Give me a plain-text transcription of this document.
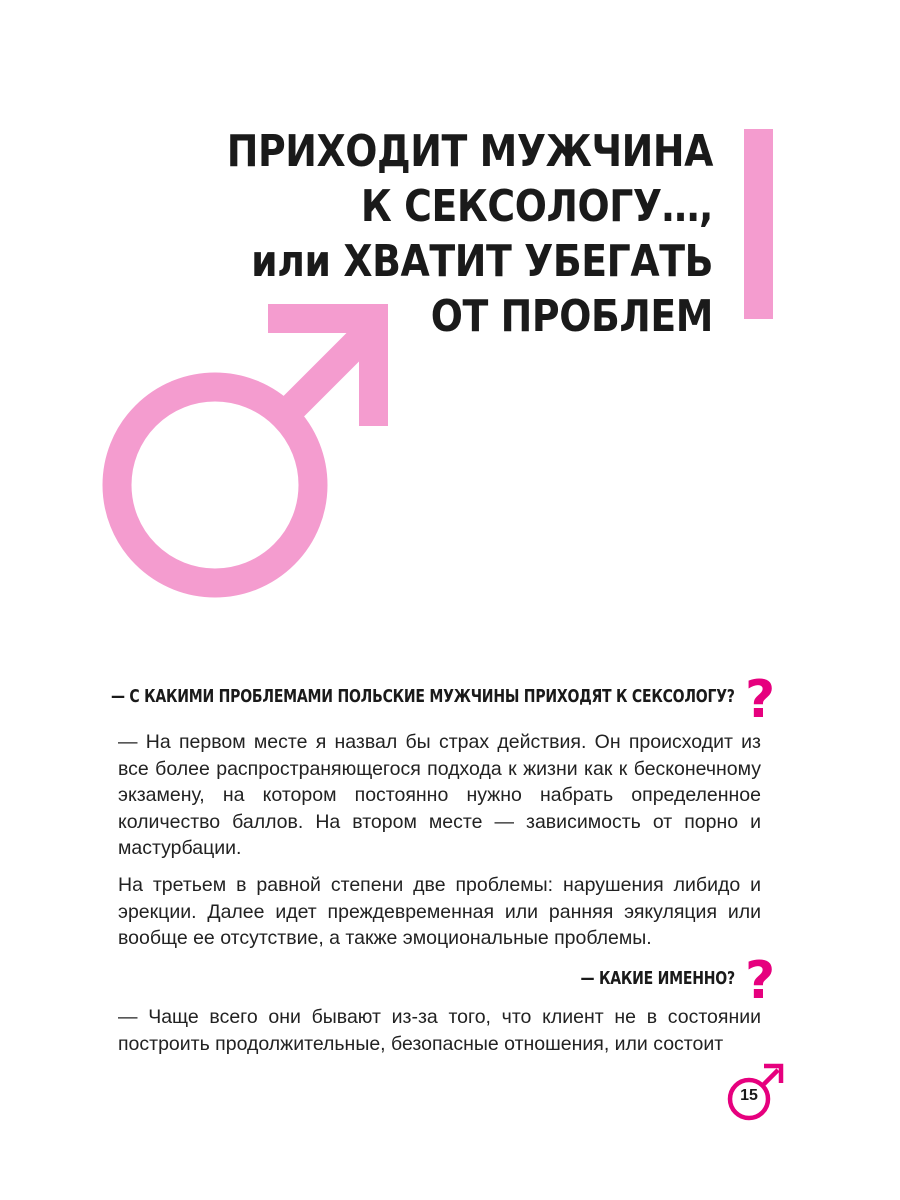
ПРИХОДИТ МУЖЧИНА
К СЕКСОЛОГУ…,
или ХВАТИТ УБЕГАТЬ
ОТ ПРОБЛЕМ
— С КАКИМИ ПРОБЛЕМАМИ ПОЛЬСКИЕ МУЖЧИНЫ ПРИХОДЯТ К СЕКСОЛОГУ? ?

— На первом месте я назвал бы страх действия. Он происходит из все более распространяющегося подхода к жизни как к бесконечному экзамену, на котором постоянно нужно набрать определенное количество баллов. На втором месте — зависимость от порно и мастурбации.

На третьем в равной степени две проблемы: нарушения либидо и эрекции. Далее идет преждевременная или ранняя эякуляция или вообще ее отсутствие, а также эмоциональные проблемы.

— КАКИЕ ИМЕННО? ?

— Чаще всего они бывают из-за того, что клиент не в состоянии построить продолжительные, безопасные отношения, или состоит

15
